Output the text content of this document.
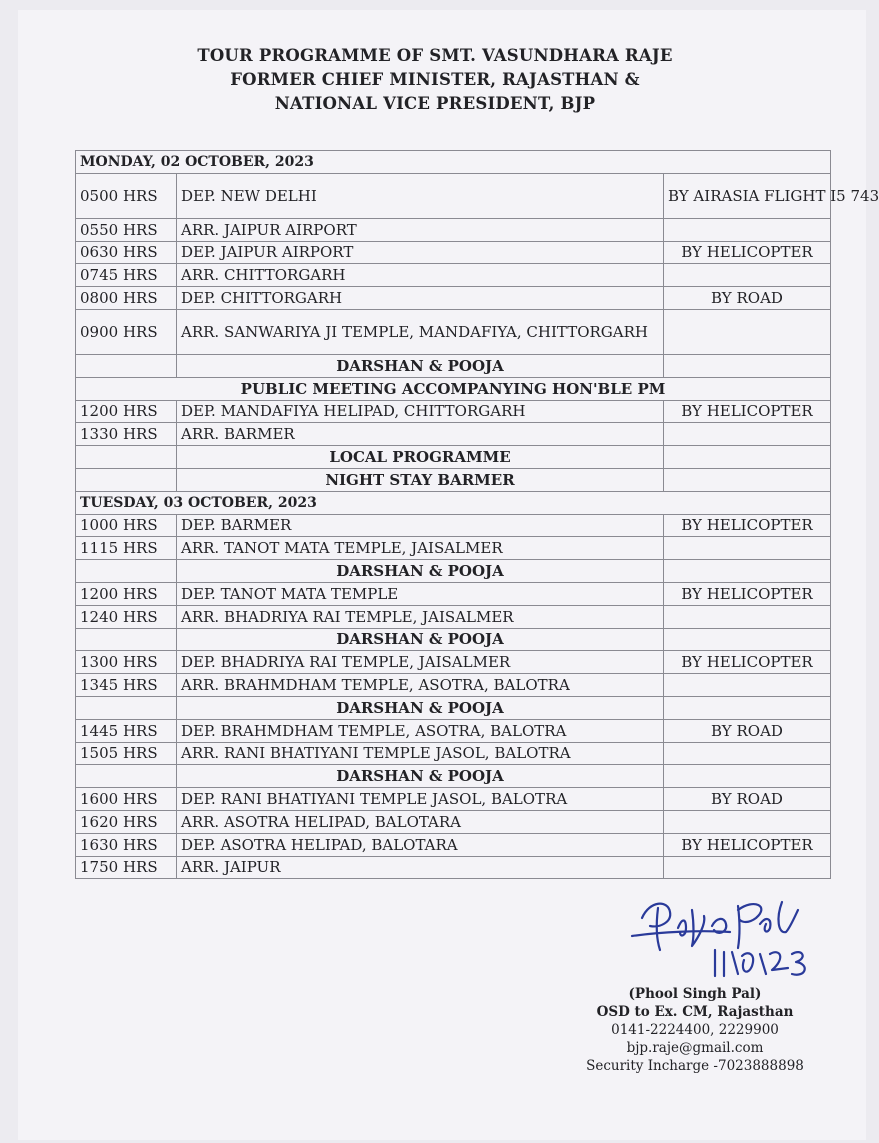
TOUR PROGRAMME OF SMT. VASUNDHARA RAJE
FORMER CHIEF MINISTER, RAJASTHAN &
NATIONAL VICE PRESIDENT, BJP
MONDAY, 02 OCTOBER, 2023		
0500 HRS	DEP. NEW DELHI	BY AIRASIA FLIGHT I5 743
0550 HRS	ARR. JAIPUR AIRPORT	
0630 HRS	DEP. JAIPUR AIRPORT	BY HELICOPTER
0745 HRS	ARR. CHITTORGARH	
0800 HRS	DEP. CHITTORGARH	BY ROAD
0900 HRS	ARR. SANWARIYA JI TEMPLE, MANDAFIYA, CHITTORGARH	
	DARSHAN & POOJA	
PUBLIC MEETING ACCOMPANYING HON'BLE PM		
1200 HRS	DEP. MANDAFIYA HELIPAD, CHITTORGARH	BY HELICOPTER
1330 HRS	ARR. BARMER	
	LOCAL PROGRAMME	
	NIGHT STAY BARMER	
TUESDAY, 03 OCTOBER, 2023		
1000 HRS	DEP. BARMER	BY HELICOPTER
1115 HRS	ARR. TANOT MATA TEMPLE, JAISALMER	
	DARSHAN & POOJA	
1200 HRS	DEP. TANOT MATA TEMPLE	BY HELICOPTER
1240 HRS	ARR. BHADRIYA RAI TEMPLE, JAISALMER	
	DARSHAN & POOJA	
1300 HRS	DEP. BHADRIYA RAI TEMPLE, JAISALMER	BY HELICOPTER
1345 HRS	ARR. BRAHMDHAM TEMPLE, ASOTRA, BALOTRA	
	DARSHAN & POOJA	
1445 HRS	DEP. BRAHMDHAM TEMPLE, ASOTRA, BALOTRA	BY ROAD
1505 HRS	ARR. RANI BHATIYANI TEMPLE JASOL, BALOTRA	
	DARSHAN & POOJA	
1600 HRS	DEP. RANI BHATIYANI TEMPLE JASOL, BALOTRA	BY ROAD
1620 HRS	ARR. ASOTRA HELIPAD, BALOTARA	
1630 HRS	DEP. ASOTRA HELIPAD, BALOTARA	BY HELICOPTER
1750 HRS	ARR. JAIPUR	
(Phool Singh Pal)
OSD to Ex. CM, Rajasthan
0141-2224400, 2229900
bjp.raje@gmail.com
Security Incharge -7023888898
